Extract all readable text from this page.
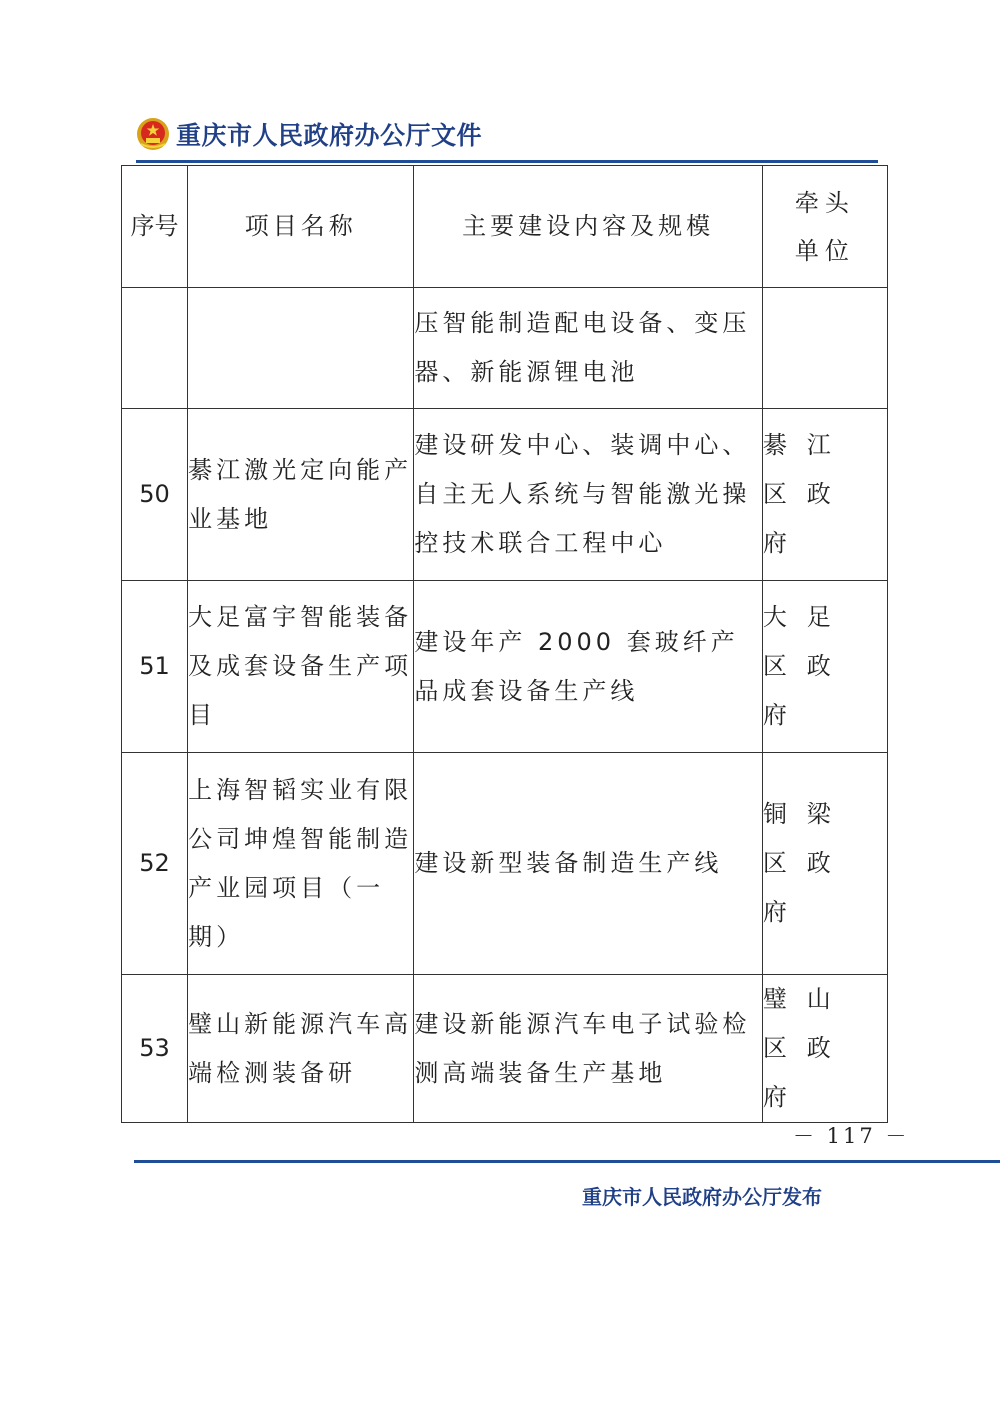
重庆市人民政府办公厅文件
序号	项目名称	主要建设内容及规模	牵头单位

		压智能制造配电设备、变压器、新能源锂电池	
50	綦江激光定向能产业基地	建设研发中心、装调中心、自主无人系统与智能激光操控技术联合工程中心	綦江区政府
51	大足富宇智能装备及成套设备生产项目	建设年产 2000 套玻纤产品成套设备生产线	大足区政府
52	上海智韬实业有限公司坤煌智能制造产业园项目（一期）	建设新型装备制造生产线	铜梁区政府
53	璧山新能源汽车高端检测装备研	建设新能源汽车电子试验检测高端装备生产基地	璧山区政府
－ 117 －
重庆市人民政府办公厅发布
